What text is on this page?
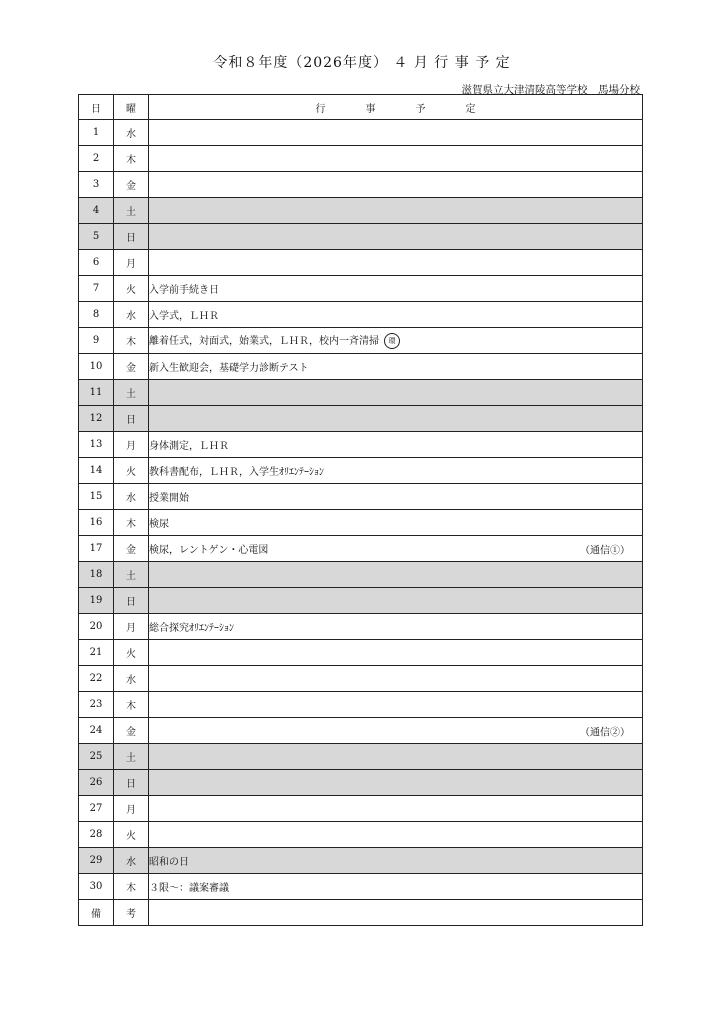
令和８年度（2026年度） ４ 月 行 事 予 定
滋賀県立大津清陵高等学校　馬場分校
日	曜	行　　　　事　　　　予　　　　定
1	水	
2	木	
3	金	
4	土	
5	日	
6	月	
7	火	入学前手続き日
8	水	入学式，ＬＨＲ
9	木	離着任式，対面式，始業式，ＬＨＲ，校内一斉清掃 環
10	金	新入生歓迎会，基礎学力診断テスト
11	土	
12	日	
13	月	身体測定，ＬＨＲ
14	火	教科書配布，ＬＨＲ，入学生ｵﾘｴﾝﾃｰｼｮﾝ
15	水	授業開始
16	木	検尿
17	金	検尿，レントゲン・心電図 （通信①）

18	土	
19	日	
20	月	総合探究ｵﾘｴﾝﾃｰｼｮﾝ
21	火	
22	水	
23	木	
24	金	（通信②）

25	土	
26	日	
27	月	
28	火	
29	水	昭和の日
30	木	３限～：議案審議
備	考	
